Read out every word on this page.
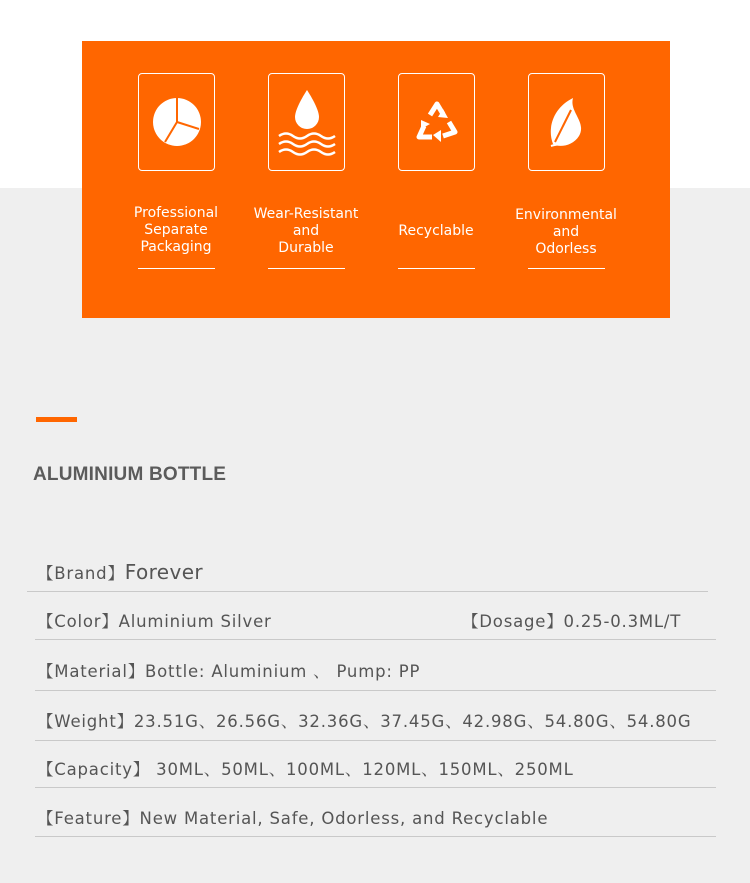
Professional
Separate
Packaging
Wear-Resistant
and
Durable
Recyclable
Environmental
and
Odorless
ALUMINIUM BOTTLE
【Brand】Forever
【Color】Aluminium Silver	【Dosage】0.25-0.3ML/T
【Material】Bottle: Aluminium 、 Pump: PP
【Weight】23.51G、26.56G、32.36G、37.45G、42.98G、54.80G、54.80G
【Capacity】 30ML、50ML、100ML、120ML、150ML、250ML
【Feature】New Material, Safe, Odorless, and Recyclable
